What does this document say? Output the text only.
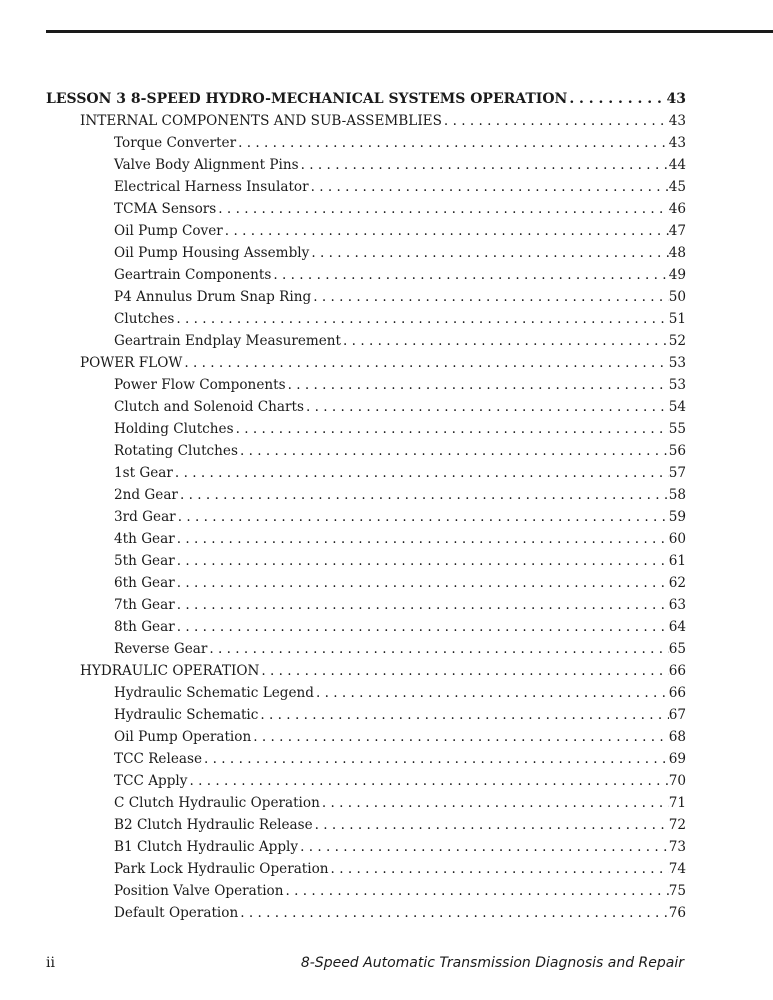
LESSON 3 8-SPEED HYDRO-MECHANICAL SYSTEMS OPERATION . . .	43
INTERNAL COMPONENTS AND SUB-ASSEMBLIES . . .	43
Torque Converter . . .	43
Valve Body Alignment Pins . . .	44
Electrical Harness Insulator . . .	45
TCMA Sensors . . .	46
Oil Pump Cover . . .	47
Oil Pump Housing Assembly . . .	48
Geartrain Components . . .	49
P4 Annulus Drum Snap Ring . . .	50
Clutches . . .	51
Geartrain Endplay Measurement . . .	52
POWER FLOW . . .	53
Power Flow Components . . .	53
Clutch and Solenoid Charts . . .	54
Holding Clutches . . .	55
Rotating Clutches . . .	56
1st Gear . . .	57
2nd Gear . . .	58
3rd Gear . . .	59
4th Gear . . .	60
5th Gear . . .	61
6th Gear . . .	62
7th Gear . . .	63
8th Gear . . .	64
Reverse Gear . . .	65
HYDRAULIC OPERATION . . .	66
Hydraulic Schematic Legend . . .	66
Hydraulic Schematic . . .	67
Oil Pump Operation . . .	68
TCC Release . . .	69
TCC Apply . . .	70
C Clutch Hydraulic Operation . . .	71
B2 Clutch Hydraulic Release . . .	72
B1 Clutch Hydraulic Apply . . .	73
Park Lock Hydraulic Operation . . .	74
Position Valve Operation . . .	75
Default Operation . . .	76
ii	8-Speed Automatic Transmission Diagnosis and Repair
